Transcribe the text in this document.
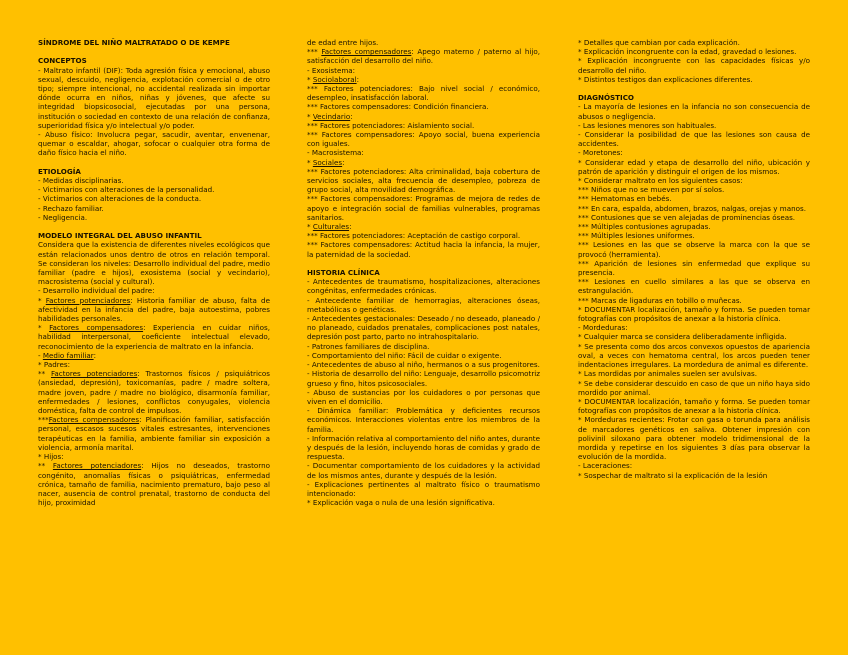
SÍNDROME DEL NIÑO MALTRATADO O DE KEMPE

CONCEPTOS

- Maltrato infantil (DIF): Toda agresión física y emocional, abuso sexual, descuido, negligencia, explotación comercial o de otro tipo; siempre intencional, no accidental realizada sin importar dónde ocurra en niños, niñas y jóvenes, que afecte su integridad biopsicosocial, ejecutadas por una persona, institución o sociedad en contexto de una relación de confianza, superioridad física y/o intelectual y/o poder.

- Abuso físico: Involucra pegar, sacudir, aventar, envenenar, quemar o escaldar, ahogar, sofocar o cualquier otra forma de daño físico hacia el niño.

ETIOLOGÍA

- Medidas disciplinarias.

- Victimarios con alteraciones de la personalidad.

- Victimarios con alteraciones de la conducta.

- Rechazo familiar.

- Negligencia.

MODELO INTEGRAL DEL ABUSO INFANTIL

Considera que la existencia de diferentes niveles ecológicos que están relacionados unos dentro de otros en relación temporal. Se consideran los niveles: Desarrollo individual del padre, medio familiar (padre e hijos), exosistema (social y vecindario), macrosistema (social y cultural).

- Desarrollo individual del padre:

* Factores potenciadores: Historia familiar de abuso, falta de afectividad en la infancia del padre, baja autoestima, pobres habilidades personales.

* Factores compensadores: Experiencia en cuidar niños, habilidad interpersonal, coeficiente intelectual elevado, reconocimiento de la experiencia de maltrato en la infancia.

- Medio familiar:

* Padres:

** Factores potenciadores: Trastornos físicos / psiquiátricos (ansiedad, depresión), toxicomanías, padre / madre soltera, madre joven, padre / madre no biológico, disarmonía familiar, enfermedades / lesiones, conflictos conyugales, violencia doméstica, falta de control de impulsos.

***Factores compensadores: Planificación familiar, satisfacción personal, escasos sucesos vitales estresantes, intervenciones terapéuticas en la familia, ambiente familiar sin exposición a violencia, armonía marital.

* Hijos:

** Factores potenciadores: Hijos no deseados, trastorno congénito, anomalías físicas o psiquiátricas, enfermedad crónica, tamaño de familia, nacimiento prematuro, bajo peso al nacer, ausencia de control prenatal, trastorno de conducta del hijo, proximidad

de edad entre hijos.

*** Factores compensadores: Apego materno / paterno al hijo, satisfacción del desarrollo del niño.

- Exosistema:

* Sociolaboral:

*** Factores potenciadores: Bajo nivel social / económico, desempleo, insatisfacción laboral.

*** Factores compensadores: Condición financiera.

* Vecindario:

*** Factores potenciadores: Aislamiento social.

*** Factores compensadores: Apoyo social, buena experiencia con iguales.

- Macrosistema:

* Sociales:

*** Factores potenciadores: Alta criminalidad, baja cobertura de servicios sociales, alta frecuencia de desempleo, pobreza de grupo social, alta movilidad demográfica.

*** Factores compensadores: Programas de mejora de redes de apoyo e integración social de familias vulnerables, programas sanitarios.

* Culturales:

*** Factores potenciadores: Aceptación de castigo corporal.

*** Factores compensadores: Actitud hacia la infancia, la mujer, la paternidad de la sociedad.

HISTORIA CLÍNICA

- Antecedentes de traumatismo, hospitalizaciones, alteraciones congénitas, enfermedades crónicas.

- Antecedente familiar de hemorragias, alteraciones óseas, metabólicas o genéticas.

- Antecedentes gestacionales: Deseado / no deseado, planeado / no planeado, cuidados prenatales, complicaciones post natales, depresión post parto, parto no intrahospitalario.

- Patrones familiares de disciplina.

- Comportamiento del niño: Fácil de cuidar o exigente.

- Antecedentes de abuso al niño, hermanos o a sus progenitores.

- Historia de desarrollo del niño: Lenguaje, desarrollo psicomotriz grueso y fino, hitos psicosociales.

- Abuso de sustancias por los cuidadores o por personas que viven en el domicilio.

- Dinámica familiar: Problemática y deficientes recursos económicos. Interacciones violentas entre los miembros de la familia.

- Información relativa al comportamiento del niño antes, durante y después de la lesión, incluyendo horas de comidas y grado de respuesta.

- Documentar comportamiento de los cuidadores y la actividad de los mismos antes, durante y después de la lesión.

- Explicaciones pertinentes al maltrato físico o traumatismo intencionado:

* Explicación vaga o nula de una lesión significativa.

* Detalles que cambian por cada explicación.

* Explicación incongruente con la edad, gravedad o lesiones.

* Explicación incongruente con las capacidades físicas y/o desarrollo del niño.

* Distintos testigos dan explicaciones diferentes.

DIAGNÓSTICO

- La mayoría de lesiones en la infancia no son consecuencia de abusos o negligencia.

- Las lesiones menores son habituales.

- Considerar la posibilidad de que las lesiones son causa de accidentes.

- Moretones:

* Considerar edad y etapa de desarrollo del niño, ubicación y patrón de aparición y distinguir el origen de los mismos.

* Considerar maltrato en los siguientes casos:

*** Niños que no se mueven por sí solos.

*** Hematomas en bebés.

*** En cara, espalda, abdomen, brazos, nalgas, orejas y manos.

*** Contusiones que se ven alejadas de prominencias óseas.

*** Múltiples contusiones agrupadas.

*** Múltiples lesiones uniformes.

*** Lesiones en las que se observe la marca con la que se provocó (herramienta).

*** Aparición de lesiones sin enfermedad que explique su presencia.

*** Lesiones en cuello similares a las que se observa en estrangulación.

*** Marcas de ligaduras en tobillo o muñecas.

* DOCUMENTAR localización, tamaño y forma. Se pueden tomar fotografías con propósitos de anexar a la historia clínica.

- Mordeduras:

* Cualquier marca se considera deliberadamente infligida.

* Se presenta como dos arcos convexos opuestos de apariencia oval, a veces con hematoma central, los arcos pueden tener indentaciones irregulares. La mordedura de animal es diferente.

* Las mordidas por animales suelen ser avulsivas.

* Se debe considerar descuido en caso de que un niño haya sido mordido por animal.

* DOCUMENTAR localización, tamaño y forma. Se pueden tomar fotografías con propósitos de anexar a la historia clínica.

* Mordeduras recientes: Frotar con gasa o torunda para análisis de marcadores genéticos en saliva. Obtener impresión con polivinil siloxano para obtener modelo tridimensional de la mordida y repetirse en los siguientes 3 días para observar la evolución de la mordida.

- Laceraciones:

* Sospechar de maltrato si la explicación de la lesión
